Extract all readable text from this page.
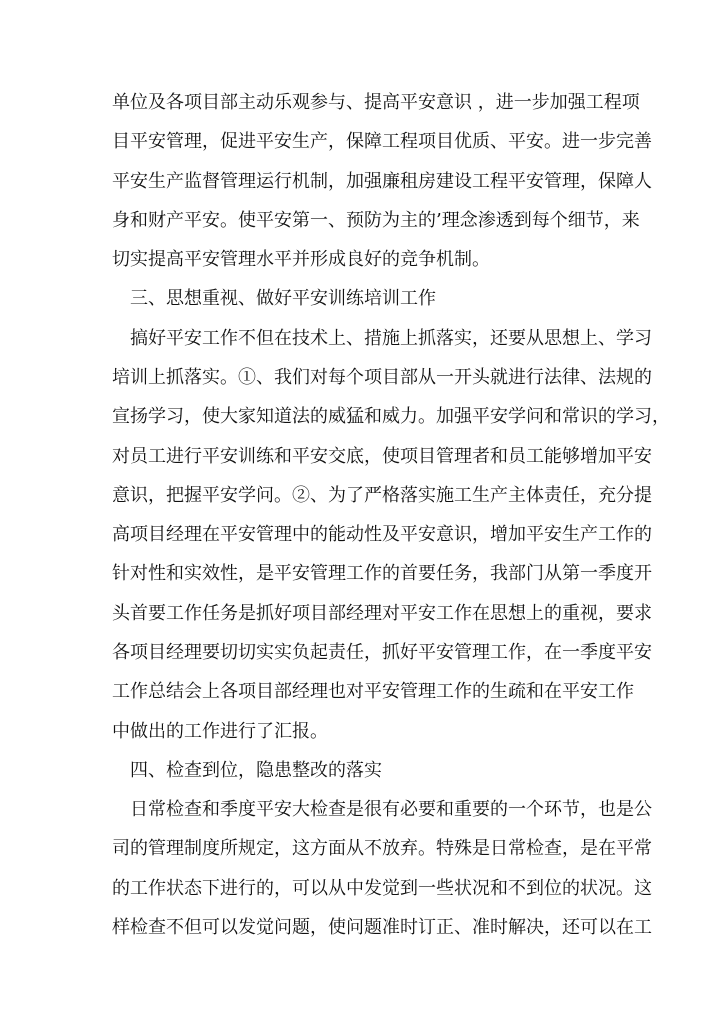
单位及各项目部主动乐观参与、提高平安意识 ，进一步加强工程项
目平安管理，促进平安生产，保障工程项目优质、平安。进一步完善
平安生产监督管理运行机制，加强廉租房建设工程平安管理，保障人
身和财产平安。使平安第一、预防为主的’理念渗透到每个细节，来
切实提高平安管理水平并形成良好的竞争机制。
三、思想重视、做好平安训练培训工作
搞好平安工作不但在技术上、措施上抓落实，还要从思想上、学习
培训上抓落实。①、我们对每个项目部从一开头就进行法律、法规的
宣扬学习，使大家知道法的威猛和威力。加强平安学问和常识的学习，
对员工进行平安训练和平安交底，使项目管理者和员工能够增加平安
意识，把握平安学问。②、为了严格落实施工生产主体责任，充分提
高项目经理在平安管理中的能动性及平安意识，增加平安生产工作的
针对性和实效性，是平安管理工作的首要任务，我部门从第一季度开
头首要工作任务是抓好项目部经理对平安工作在思想上的重视，要求
各项目经理要切切实实负起责任，抓好平安管理工作，在一季度平安
工作总结会上各项目部经理也对平安管理工作的生疏和在平安工作
中做出的工作进行了汇报。
四、检查到位，隐患整改的落实
日常检查和季度平安大检查是很有必要和重要的一个环节，也是公
司的管理制度所规定，这方面从不放弃。特殊是日常检查，是在平常
的工作状态下进行的，可以从中发觉到一些状况和不到位的状况。这
样检查不但可以发觉问题，使问题准时订正、准时解决，还可以在工
